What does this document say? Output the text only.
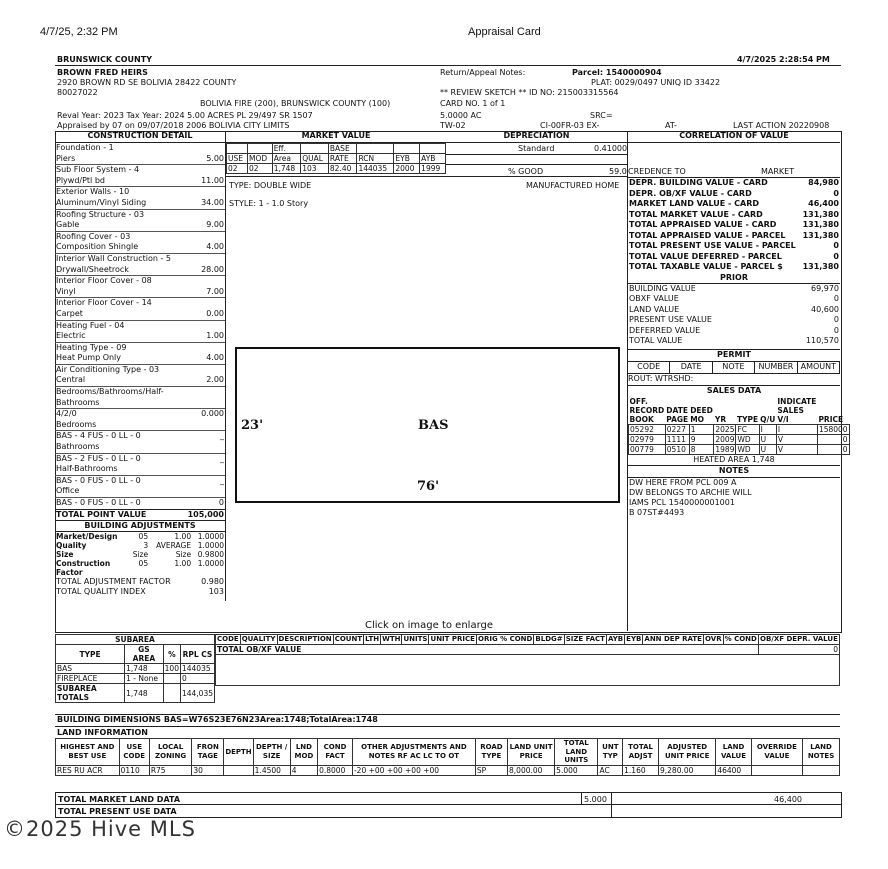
4/7/25, 2:32 PM	Appraisal Card
BRUNSWICK COUNTY	4/7/2025 2:28:54 PM
BROWN FRED HEIRS
2920 BROWN RD SE BOLIVIA 28422 COUNTY
80027022
BOLIVIA FIRE (200), BRUNSWICK COUNTY (100)
Reval Year: 2023 Tax Year: 2024 5.00 ACRES PL 29/497 SR 1507
Appraised by 07 on 09/07/2018 2006 BOLIVIA CITY LIMITS
Return/Appeal Notes:	Parcel: 1540000904
PLAT: 0029/0497 UNIQ ID 33422
** REVIEW SKETCH ** ID NO: 215003315564
CARD NO. 1 of 1
5.0000 AC	SRC=
TW-02	CI-00FR-03 EX-	AT-	LAST ACTION 20220908
CONSTRUCTION DETAIL
Foundation - 1
Piers	5.00
Sub Floor System - 4
Plywd/Ptl bd	11.00
Exterior Walls - 10
Aluminum/Vinyl Siding	34.00
Roofing Structure - 03
Gable	9.00
Roofing Cover - 03
Composition Shingle	4.00
Interior Wall Construction - 5
Drywall/Sheetrock	28.00
Interior Floor Cover - 08
Vinyl	7.00
Interior Floor Cover - 14
Carpet	0.00
Heating Fuel - 04
Electric	1.00
Heating Type - 09
Heat Pump Only	4.00
Air Conditioning Type - 03
Central	2.00
Bedrooms/Bathrooms/Half-
Bathrooms
4/2/0	0.000
Bedrooms
BAS - 4 FUS - 0 LL - 0	_
Bathrooms
BAS - 2 FUS - 0 LL - 0	_
Half-Bathrooms
BAS - 0 FUS - 0 LL - 0	_
Office
BAS - 0 FUS - 0 LL - 0	0
TOTAL POINT VALUE	105,000
BUILDING ADJUSTMENTS
Market/Design	05	1.00	1.0000
Quality	3	AVERAGE	1.0000
Size	Size	Size	0.9800
Construction	05	1.00	1.0000
Factor			
TOTAL ADJUSTMENT FACTOR	0.980
TOTAL QUALITY INDEX	103
MARKET VALUE
		Eff.		BASE			
USE	MOD	Area	QUAL	RATE	RCN	EYB	AYB
02	02	1,748	103	82.40	144035	2000	1999
TYPE: DOUBLE WIDE
STYLE: 1 - 1.0 Story
DEPRECIATION
Standard	0.41000
% GOOD	59.0
MANUFACTURED HOME
23'	BAS
76'
Click on image to enlarge
CORRELATION OF VALUE
CREDENCE TO	MARKET
DEPR. BUILDING VALUE - CARD	84,980
DEPR. OB/XF VALUE - CARD	0
MARKET LAND VALUE - CARD	46,400
TOTAL MARKET VALUE - CARD	131,380
TOTAL APPRAISED VALUE - CARD	131,380
TOTAL APPRAISED VALUE - PARCEL 131,380
TOTAL PRESENT USE VALUE - PARCEL	0
TOTAL VALUE DEFERRED - PARCEL	0
TOTAL TAXABLE VALUE - PARCEL $ 131,380
PRIOR
BUILDING VALUE	69,970
OBXF VALUE	0
LAND VALUE	40,600
PRESENT USE VALUE	0
DEFERRED VALUE	0
TOTAL VALUE	110,570
PERMIT
CODE	DATE	NOTE	NUMBER AMOUNT
ROUT: WTRSHD:
SALES DATA
OFF.						INDICATE	
RECORD	DATE	DEED				SALES	
BOOK	PAGE	MO	YR	TYPE	Q/U	V/I	PRICE
05292	0227	1	2025	FC	I	I	158000
02979	1111	9	2009	WD	U	V	0
00779	0510	8	1989	WD	U	V	0
HEATED AREA 1,748
NOTES
DW HERE FROM PCL 009 A
DW BELONGS TO ARCHIE WILL
IAMS PCL 1540000001001
B 07ST#4493
SUBAREA			
TYPE	GS AREA	%	RPL CS
BAS	1,748	100	144035
FIREPLACE	1 - None		0
SUBAREA TOTALS	1,748		144,035
CODE	QUALITY	DESCRIPTION	COUNT	LTH	WTH	UNITS	UNIT PRICE	ORIG % COND	BLDG#	SIZE FACT	AYB	EYB	ANN DEP RATE	OVR	% COND	OB/XF DEPR. VALUE
TOTAL OB/XF VALUE																0

BUILDING DIMENSIONS BAS=W76S23E76N23Area:1748;TotalArea:1748
LAND INFORMATION
HIGHEST AND BEST USE	USE CODE	LOCAL ZONING	FRON TAGE	DEPTH	DEPTH / SIZE	LND MOD	COND FACT	OTHER ADJUSTMENTS AND NOTES RF AC LC TO OT	ROAD TYPE	LAND UNIT PRICE	TOTAL LAND UNITS	UNT TYP	TOTAL ADJST	ADJUSTED UNIT PRICE	LAND VALUE	OVERRIDE VALUE	LAND NOTES
RES RU ACR	0110	R75	30		1.4500	4	0.8000	-20 +00 +00 +00 +00	SP	8,000.00	5.000	AC	1.160	9,280.00	46400		
TOTAL MARKET LAND DATA	5.000	46,400
TOTAL PRESENT USE DATA
©2025 Hive MLS
